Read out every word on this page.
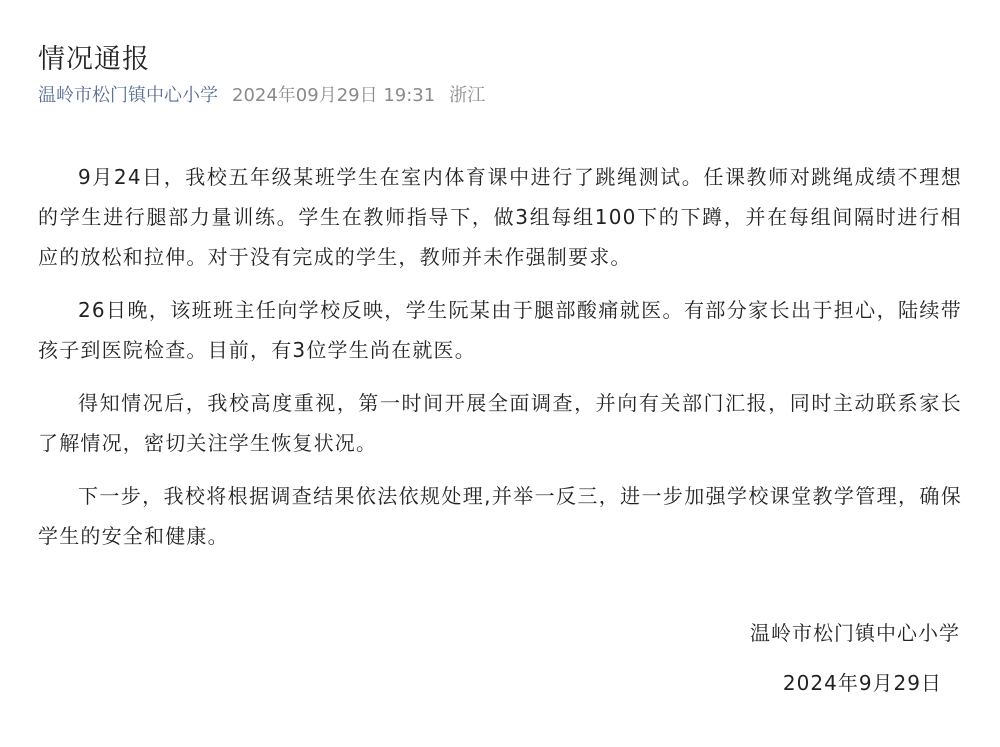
情况通报
温岭市松门镇中心小学 2024年09月29日 19:31 浙江

9月24日，我校五年级某班学生在室内体育课中进行了跳绳测试。任课教师对跳绳成绩不理想的学生进行腿部力量训练。学生在教师指导下，做3组每组100下的下蹲，并在每组间隔时进行相应的放松和拉伸。对于没有完成的学生，教师并未作强制要求。

26日晚，该班班主任向学校反映，学生阮某由于腿部酸痛就医。有部分家长出于担心，陆续带孩子到医院检查。目前，有3位学生尚在就医。

得知情况后，我校高度重视，第一时间开展全面调查，并向有关部门汇报，同时主动联系家长了解情况，密切关注学生恢复状况。

下一步，我校将根据调查结果依法依规处理,并举一反三，进一步加强学校课堂教学管理，确保学生的安全和健康。

温岭市松门镇中心小学
2024年9月29日
